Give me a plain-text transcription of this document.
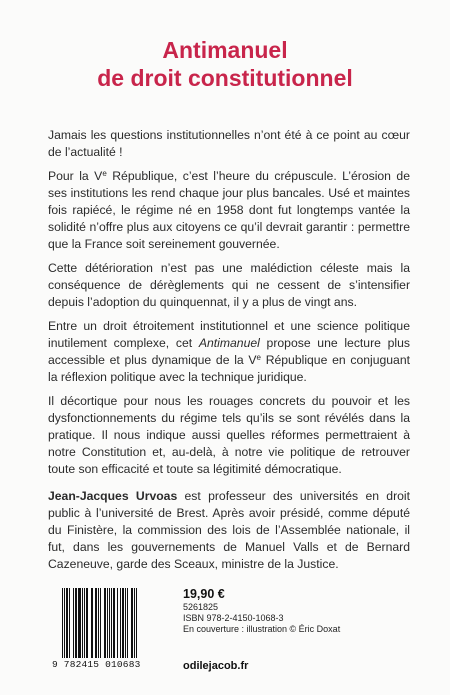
Antimanuel
de droit constitutionnel

Jamais les questions institutionnelles n’ont été à ce point au cœur de l’actualité !

Pour la Ve République, c’est l’heure du crépuscule. L’érosion de ses institutions les rend chaque jour plus bancales. Usé et maintes fois rapiécé, le régime né en 1958 dont fut longtemps vantée la solidité n’offre plus aux citoyens ce qu’il devrait garantir : permettre que la France soit sereinement gouvernée.

Cette détérioration n’est pas une malédiction céleste mais la conséquence de dérèglements qui ne cessent de s’intensifier depuis l’adoption du quinquennat, il y a plus de vingt ans.

Entre un droit étroitement institutionnel et une science politique inutilement complexe, cet Antimanuel propose une lecture plus accessible et plus dynamique de la Ve République en conjuguant la réflexion politique avec la technique juridique.

Il décortique pour nous les rouages concrets du pouvoir et les dysfonctionnements du régime tels qu’ils se sont révélés dans la pratique. Il nous indique aussi quelles réformes permettraient à notre Constitution et, au-delà, à notre vie politique de retrouver toute son efficacité et toute sa légitimité démocratique.

Jean-Jacques Urvoas est professeur des universités en droit public à l’université de Brest. Après avoir présidé, comme député du Finistère, la commission des lois de l’Assemblée nationale, il fut, dans les gouvernements de Manuel Valls et de Bernard Cazeneuve, garde des Sceaux, ministre de la Justice.

9 782415 010683
19,90 €
5261825
ISBN 978-2-4150-1068-3
En couverture : illustration © Éric Doxat
odilejacob.fr
